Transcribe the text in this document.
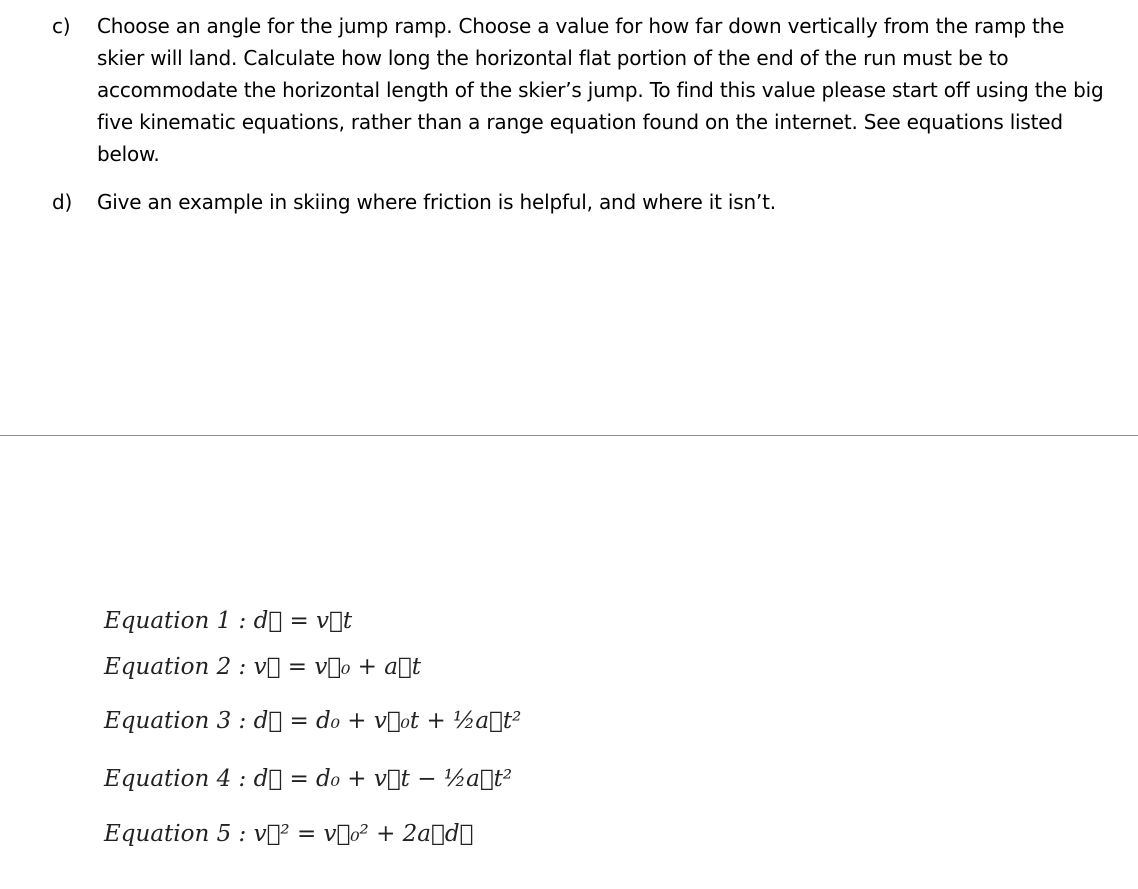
c) Choose an angle for the jump ramp. Choose a value for how far down vertically from the ramp the skier will land. Calculate how long the horizontal flat portion of the end of the run must be to accommodate the horizontal length of the skier’s jump. To find this value please start off using the big five kinematic equations, rather than a range equation found on the internet. See equations listed below.
d) Give an example in skiing where friction is helpful, and where it isn’t.
Equation 1 : d⃗ = v⃗t
Equation 2 : v⃗ = v⃗₀ + a⃗t
Equation 3 : d⃗ = d₀ + v⃗₀t + ½a⃗t²
Equation 4 : d⃗ = d₀ + v⃗t − ½a⃗t²
Equation 5 : v⃗² = v⃗₀² + 2a⃗d⃗
